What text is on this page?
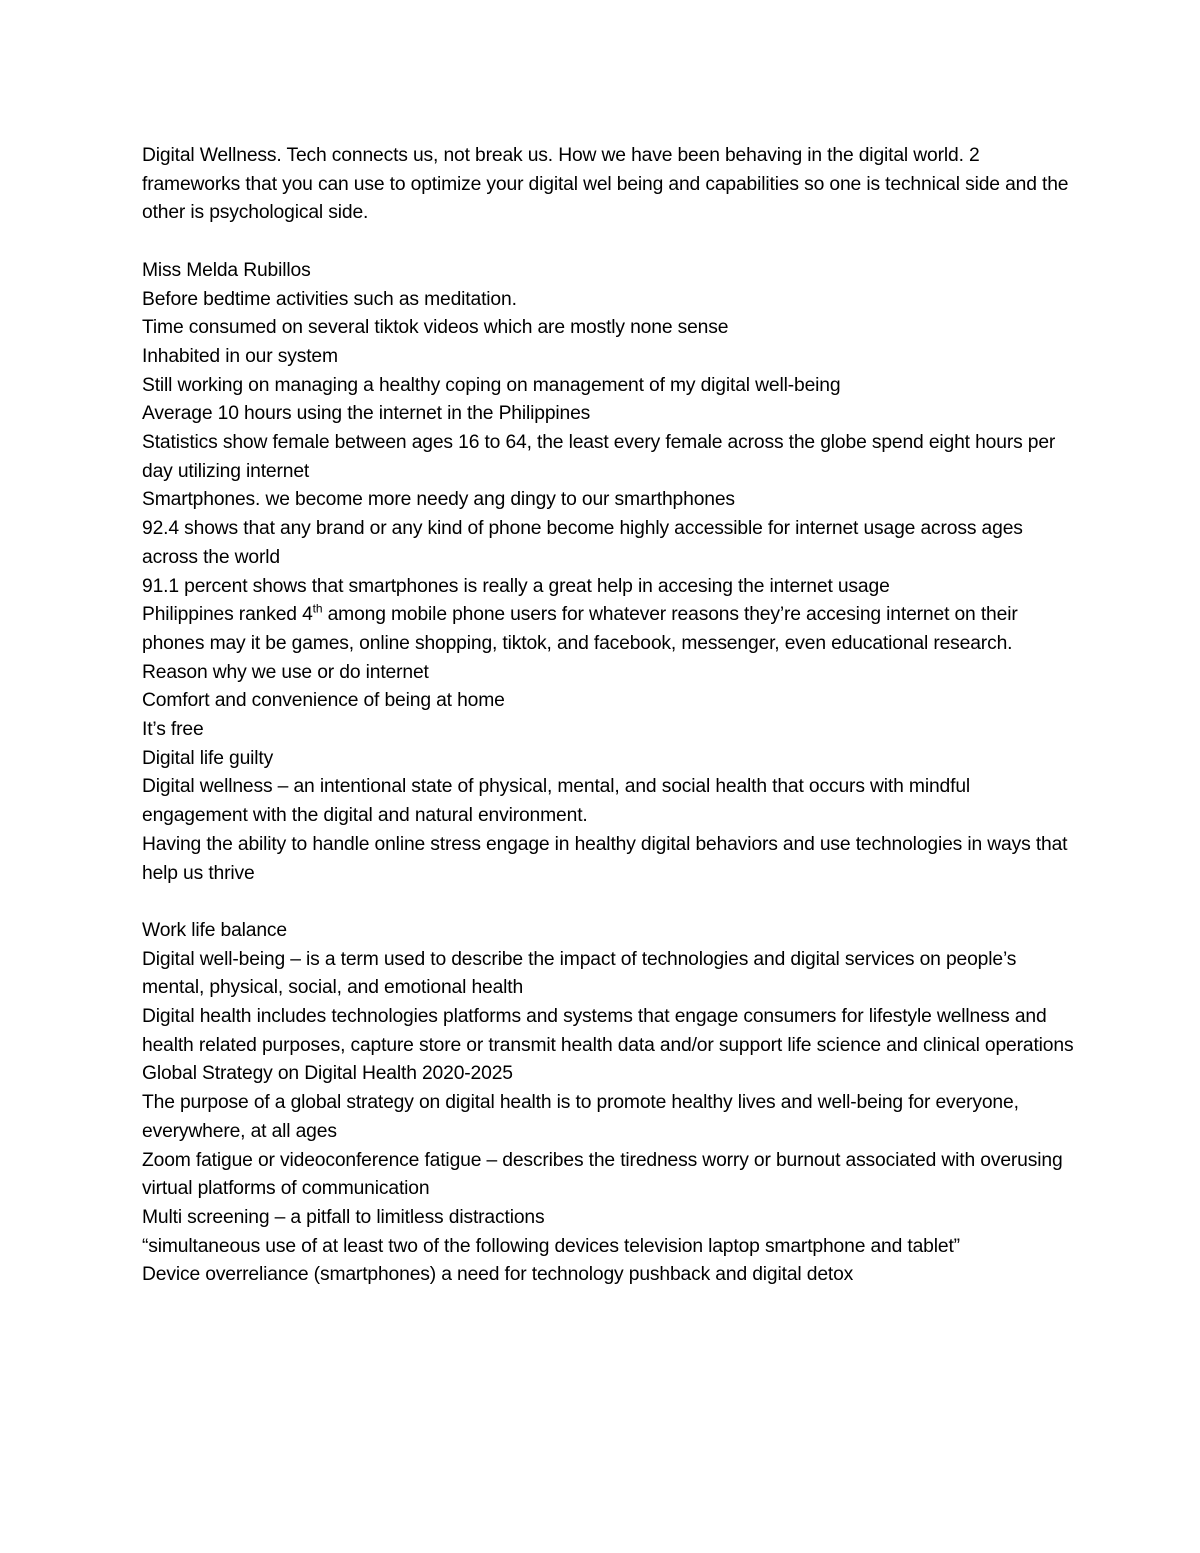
Digital Wellness. Tech connects us, not break us. How we have been behaving in the digital world. 2 frameworks that you can use to optimize your digital wel being and capabilities so one is technical side and the other is psychological side.

Miss Melda Rubillos

Before bedtime activities such as meditation.

Time consumed on several tiktok videos which are mostly none sense

Inhabited in our system

Still working on managing a healthy coping on management of my digital well-being

Average 10 hours using the internet in the Philippines

Statistics show female between ages 16 to 64, the least every female across the globe spend eight hours per day utilizing internet

Smartphones. we become more needy ang dingy to our smarthphones

92.4 shows that any brand or any kind of phone become highly accessible for internet usage across ages across the world

91.1 percent shows that smartphones is really a great help in accesing the internet usage

Philippines ranked 4th among mobile phone users for whatever reasons they’re accesing internet on their phones may it be games, online shopping, tiktok, and facebook, messenger, even educational research.

Reason why we use or do internet

Comfort and convenience of being at home

It’s free

Digital life guilty

Digital wellness – an intentional state of physical, mental, and social health that occurs with mindful engagement with the digital and natural environment.

Having the ability to handle online stress engage in healthy digital behaviors and use technologies in ways that help us thrive

Work life balance

Digital well-being – is a term used to describe the impact of technologies and digital services on people’s mental, physical, social, and emotional health

Digital health includes technologies platforms and systems that engage consumers for lifestyle wellness and health related purposes, capture store or transmit health data and/or support life science and clinical operations

Global Strategy on Digital Health 2020-2025

The purpose of a global strategy on digital health is to promote healthy lives and well-being for everyone, everywhere, at all ages

Zoom fatigue or videoconference fatigue – describes the tiredness worry or burnout associated with overusing virtual platforms of communication

Multi screening – a pitfall to limitless distractions

“simultaneous use of at least two of the following devices television laptop smartphone and tablet”

Device overreliance (smartphones) a need for technology pushback and digital detox
